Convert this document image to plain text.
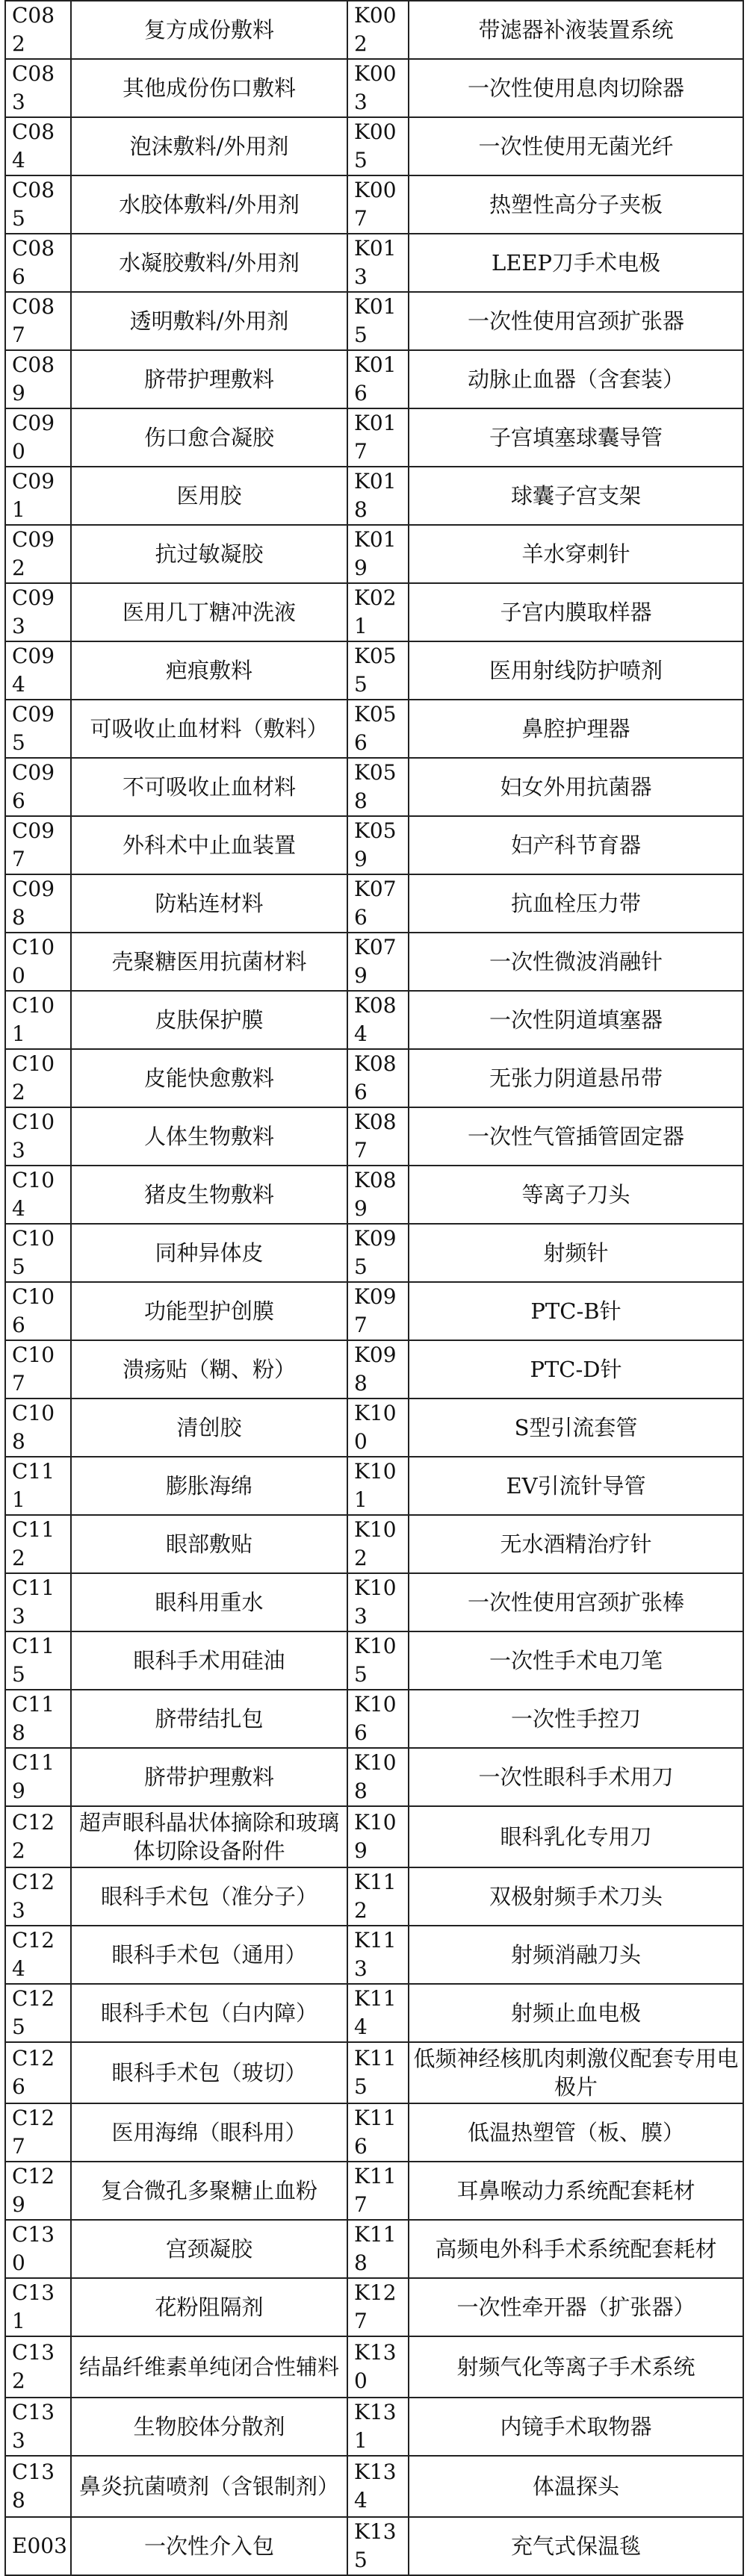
C082	复方成份敷料	K002	带滤器补液装置系统
C083	其他成份伤口敷料	K003	一次性使用息肉切除器
C084	泡沫敷料/外用剂	K005	一次性使用无菌光纤
C085	水胶体敷料/外用剂	K007	热塑性高分子夹板
C086	水凝胶敷料/外用剂	K013	LEEP刀手术电极
C087	透明敷料/外用剂	K015	一次性使用宫颈扩张器
C089	脐带护理敷料	K016	动脉止血器（含套装）
C090	伤口愈合凝胶	K017	子宫填塞球囊导管
C091	医用胶	K018	球囊子宫支架
C092	抗过敏凝胶	K019	羊水穿刺针
C093	医用几丁糖冲洗液	K021	子宫内膜取样器
C094	疤痕敷料	K055	医用射线防护喷剂
C095	可吸收止血材料（敷料）	K056	鼻腔护理器
C096	不可吸收止血材料	K058	妇女外用抗菌器
C097	外科术中止血装置	K059	妇产科节育器
C098	防粘连材料	K076	抗血栓压力带
C100	壳聚糖医用抗菌材料	K079	一次性微波消融针
C101	皮肤保护膜	K084	一次性阴道填塞器
C102	皮能快愈敷料	K086	无张力阴道悬吊带
C103	人体生物敷料	K087	一次性气管插管固定器
C104	猪皮生物敷料	K089	等离子刀头
C105	同种异体皮	K095	射频针
C106	功能型护创膜	K097	PTC-B针
C107	溃疡贴（糊、粉）	K098	PTC-D针
C108	清创胶	K100	S型引流套管
C111	膨胀海绵	K101	EV引流针导管
C112	眼部敷贴	K102	无水酒精治疗针
C113	眼科用重水	K103	一次性使用宫颈扩张棒
C115	眼科手术用硅油	K105	一次性手术电刀笔
C118	脐带结扎包	K106	一次性手控刀
C119	脐带护理敷料	K108	一次性眼科手术用刀
C122	超声眼科晶状体摘除和玻璃体切除设备附件	K109	眼科乳化专用刀
C123	眼科手术包（准分子）	K112	双极射频手术刀头
C124	眼科手术包（通用）	K113	射频消融刀头
C125	眼科手术包（白内障）	K114	射频止血电极
C126	眼科手术包（玻切）	K115	低频神经核肌肉刺激仪配套专用电极片
C127	医用海绵（眼科用）	K116	低温热塑管（板、膜）
C129	复合微孔多聚糖止血粉	K117	耳鼻喉动力系统配套耗材
C130	宫颈凝胶	K118	高频电外科手术系统配套耗材
C131	花粉阻隔剂	K127	一次性牵开器（扩张器）
C132	结晶纤维素单纯闭合性辅料	K130	射频气化等离子手术系统
C133	生物胶体分散剂	K131	内镜手术取物器
C138	鼻炎抗菌喷剂（含银制剂）	K134	体温探头
E003	一次性介入包	K135	充气式保温毯
